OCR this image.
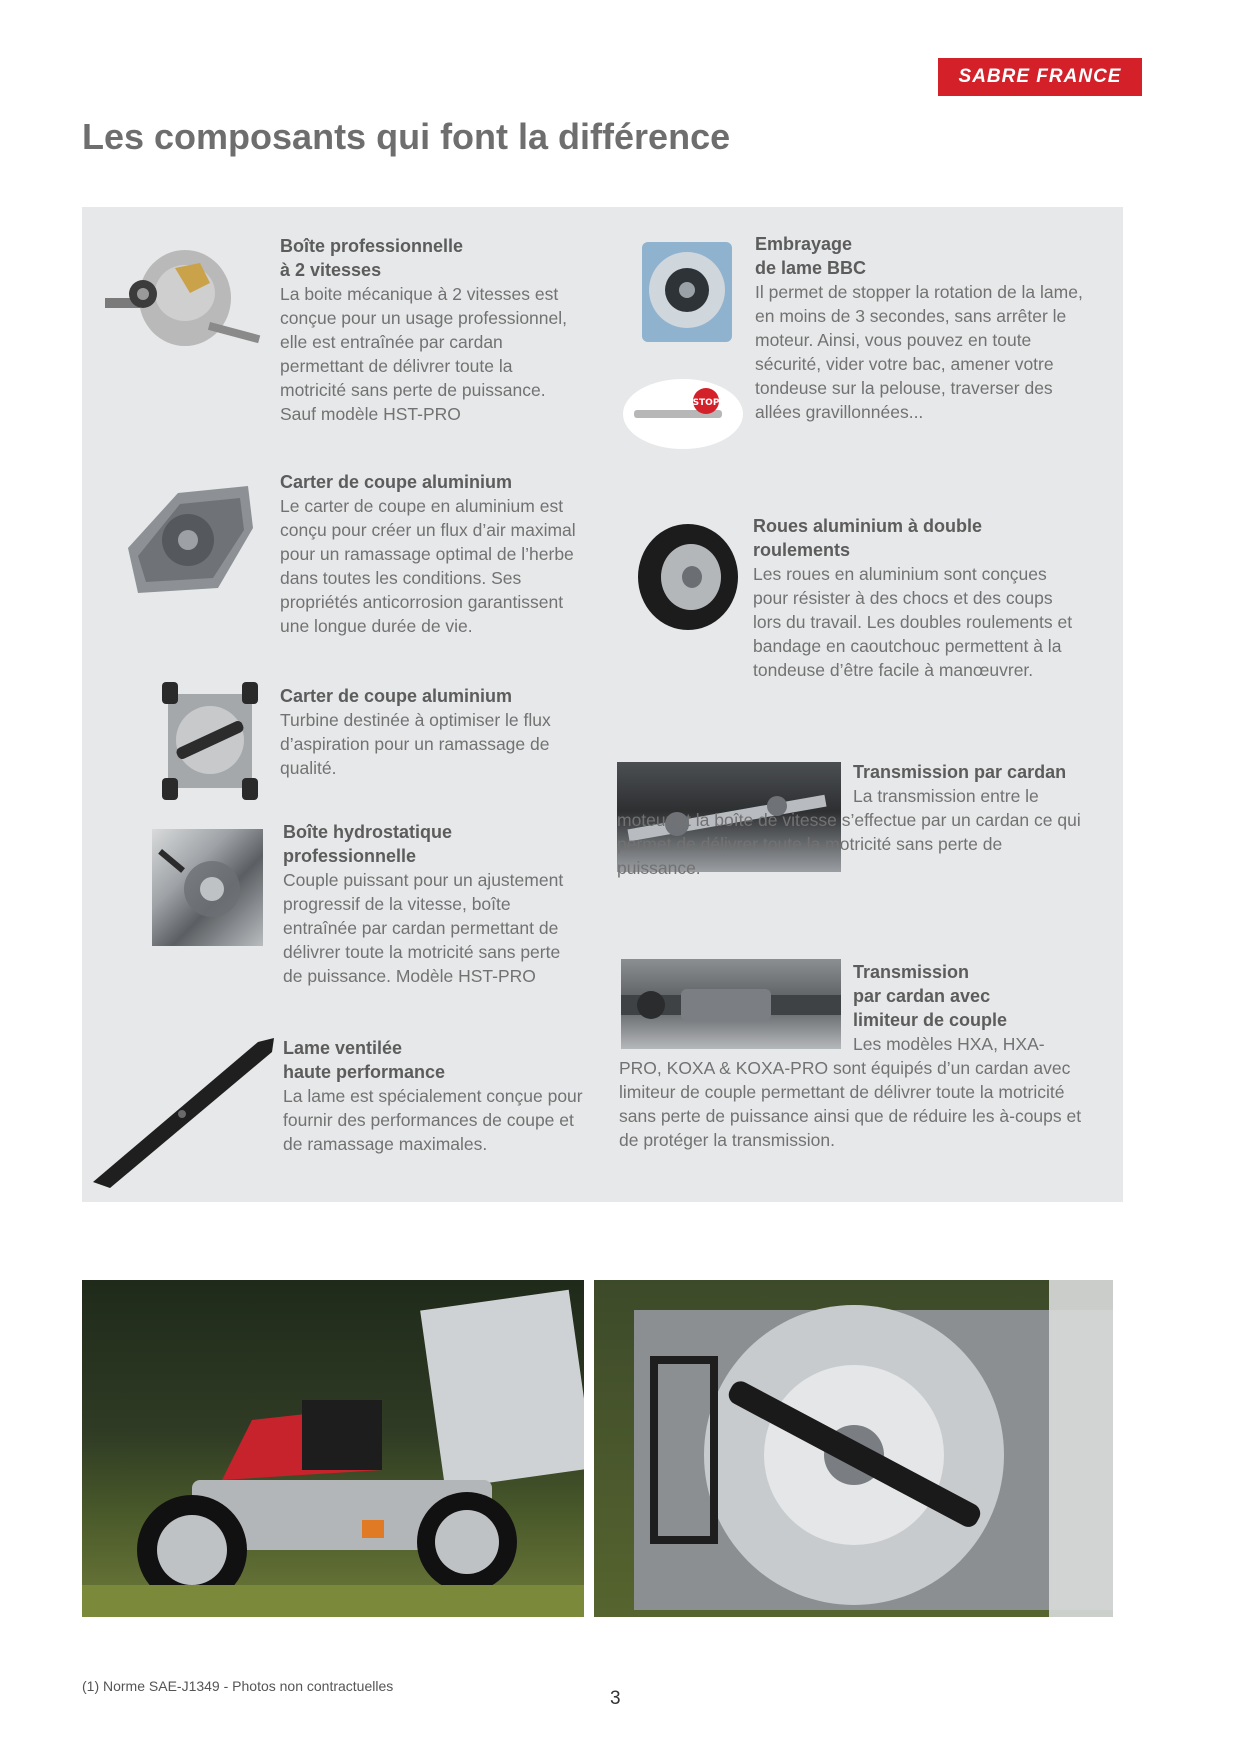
SABRE FRANCE
Les composants qui font la différence
Boîte professionnelle
à 2 vitesses

La boite mécanique à 2 vitesses est conçue pour un usage professionnel, elle est entraînée par cardan permettant de délivrer toute la motricité sans perte de puissance. Sauf modèle HST-PRO

Carter de coupe aluminium

Le carter de coupe en aluminium est conçu pour créer un flux d’air maximal pour un ramassage optimal de l’herbe dans toutes les conditions. Ses propriétés anticorrosion garantissent une longue durée de vie.

Carter de coupe aluminium

Turbine destinée à optimiser le flux d’aspiration pour un ramassage de qualité.

Boîte hydrostatique
professionnelle

Couple puissant pour un ajustement progressif de la vitesse, boîte entraînée par cardan permettant de délivrer toute la motricité sans perte de puissance. Modèle HST-PRO

Lame ventilée
haute performance

La lame est spécialement conçue pour fournir des performances de coupe et de ramassage maximales.

STOP
Embrayage
de lame BBC

Il permet de stopper la rotation de la lame, en moins de 3 secondes, sans arrêter le moteur. Ainsi, vous pouvez en toute sécurité, vider votre bac, amener votre tondeuse sur la pelouse, traverser des allées gravillonnées...

Roues aluminium à double
roulements

Les roues en aluminium sont conçues pour résister à des chocs et des coups lors du travail. Les doubles roulements et bandage en caoutchouc permettent à la tondeuse d’être facile à manœuvrer.

Transmission par cardan

La transmission entre le moteur et la boîte de vitesse s’effectue par un cardan ce qui permet de délivrer toute la motricité sans perte de puissance.

Transmission
par cardan avec
limiteur de couple

Les modèles HXA, HXA-PRO, KOXA & KOXA-PRO sont équipés d’un cardan avec limiteur de couple permettant de délivrer toute la motricité sans perte de puissance ainsi que de réduire les à-coups et de protéger la transmission.

(1) Norme SAE-J1349 - Photos non contractuelles
3
